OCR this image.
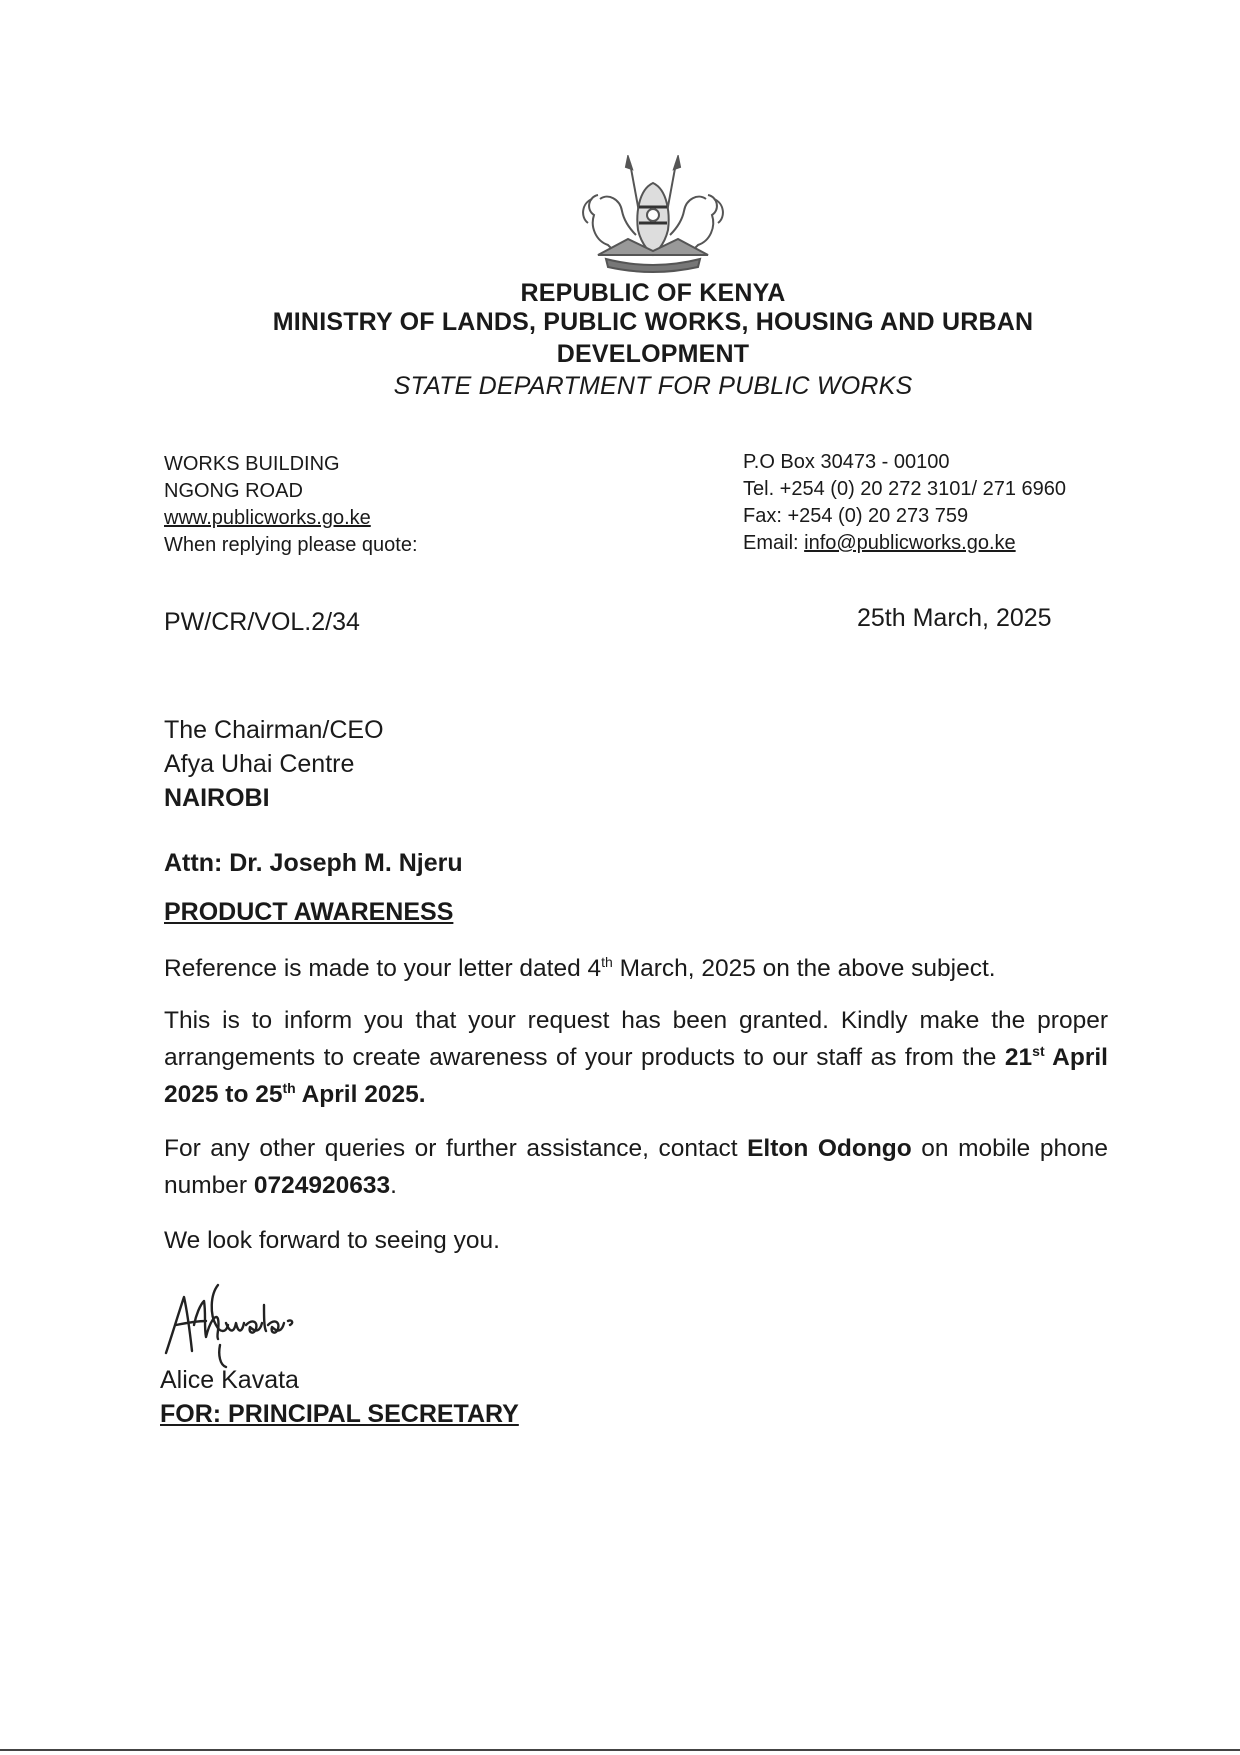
REPUBLIC OF KENYA
MINISTRY OF LANDS, PUBLIC WORKS, HOUSING AND URBAN
DEVELOPMENT
STATE DEPARTMENT FOR PUBLIC WORKS
WORKS BUILDING
NGONG ROAD
www.publicworks.go.ke
When replying please quote:
P.O Box 30473 - 00100
Tel. +254 (0) 20 272 3101/ 271 6960
Fax: +254 (0) 20 273 759
Email: info@publicworks.go.ke
PW/CR/VOL.2/34	25th March, 2025
The Chairman/CEO
Afya Uhai Centre
NAIROBI
Attn: Dr. Joseph M. Njeru
PRODUCT AWARENESS
Reference is made to your letter dated 4th March, 2025 on the above subject.
This is to inform you that your request has been granted. Kindly make the proper arrangements to create awareness of your products to our staff as from the 21st April 2025 to 25th April 2025.
For any other queries or further assistance, contact Elton Odongo on mobile phone number 0724920633.
We look forward to seeing you.
Alice Kavata
FOR: PRINCIPAL SECRETARY
